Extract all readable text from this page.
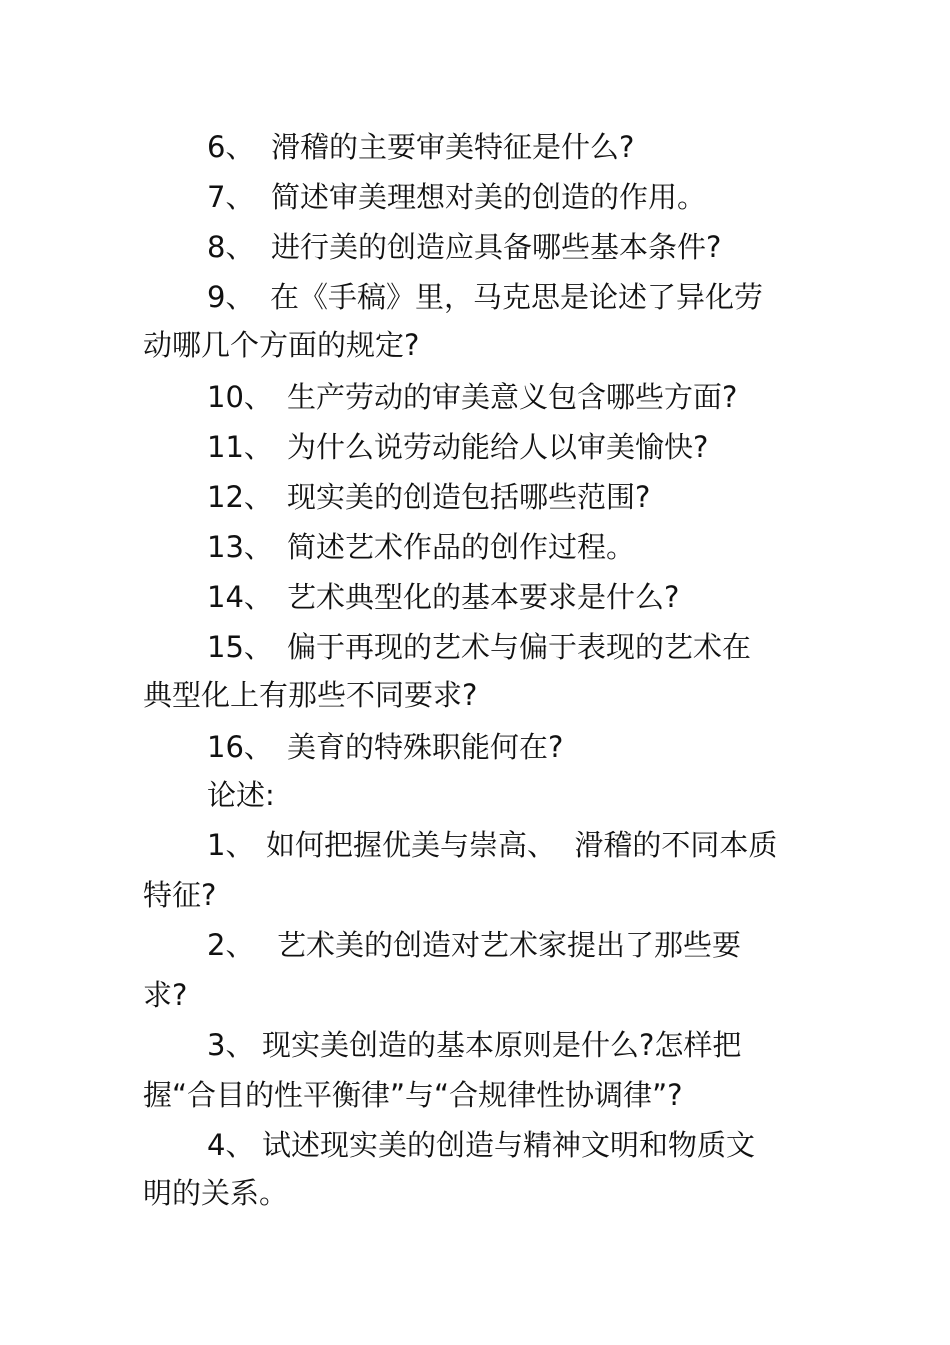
6、 滑稽的主要审美特征是什么?
7、 简述审美理想对美的创造的作用。
8、 进行美的创造应具备哪些基本条件?
9、 在《手稿》里，马克思是论述了异化劳
动哪几个方面的规定?
10、 生产劳动的审美意义包含哪些方面?
11、 为什么说劳动能给人以审美愉快?
12、 现实美的创造包括哪些范围?
13、 简述艺术作品的创作过程。
14、 艺术典型化的基本要求是什么?
15、 偏于再现的艺术与偏于表现的艺术在
典型化上有那些不同要求?
16、 美育的特殊职能何在?
论述:
1、 如何把握优美与崇高、  滑稽的不同本质
特征?
2、 艺术美的创造对艺术家提出了那些要
求?
3、 现实美创造的基本原则是什么?怎样把
握“合目的性平衡律”与“合规律性协调律”?
4、 试述现实美的创造与精神文明和物质文
明的关系。
